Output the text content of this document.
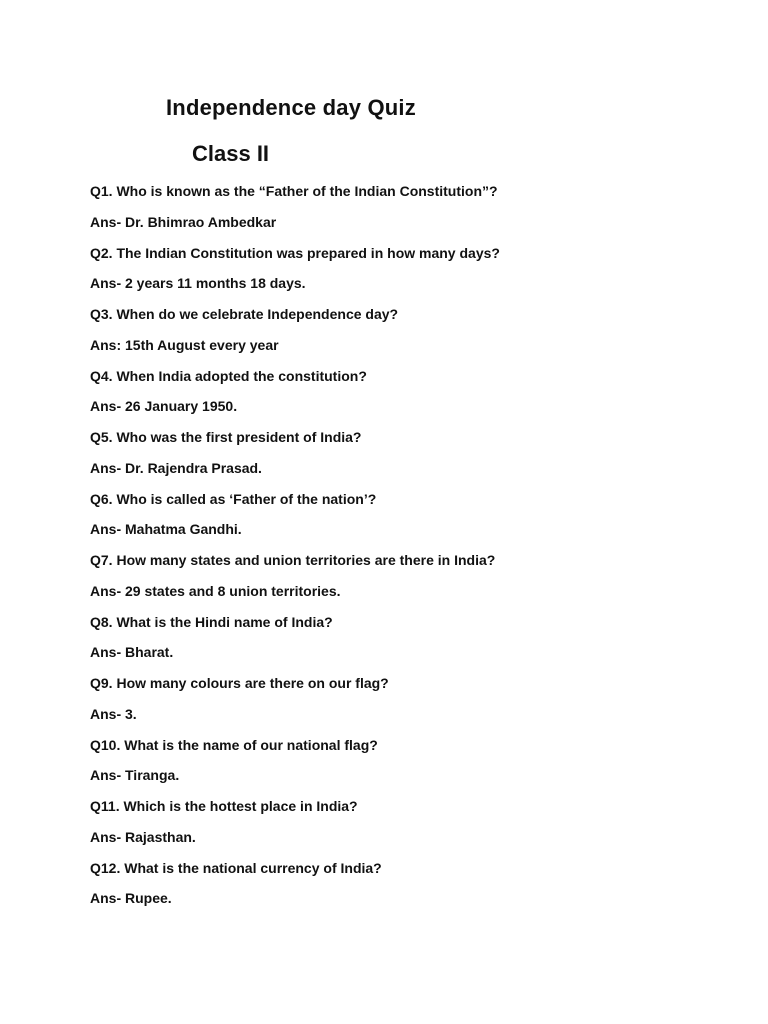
Independence day Quiz
Class II
Q1. Who is known as the “Father of the Indian Constitution”?
Ans- Dr. Bhimrao Ambedkar
Q2. The Indian Constitution was prepared in how many days?
Ans- 2 years 11 months 18 days.
Q3. When do we celebrate Independence day?
Ans: 15th August every year
Q4. When India adopted the constitution?
Ans- 26 January 1950.
Q5. Who was the first president of India?
Ans- Dr. Rajendra Prasad.
Q6. Who is called as ‘Father of the nation’?
Ans- Mahatma Gandhi.
Q7. How many states and union territories are there in India?
Ans- 29 states and 8 union territories.
Q8. What is the Hindi name of India?
Ans- Bharat.
Q9. How many colours are there on our flag?
Ans- 3.
Q10. What is the name of our national flag?
Ans- Tiranga.
Q11. Which is the hottest place in India?
Ans- Rajasthan.
Q12. What is the national currency of India?
Ans- Rupee.
